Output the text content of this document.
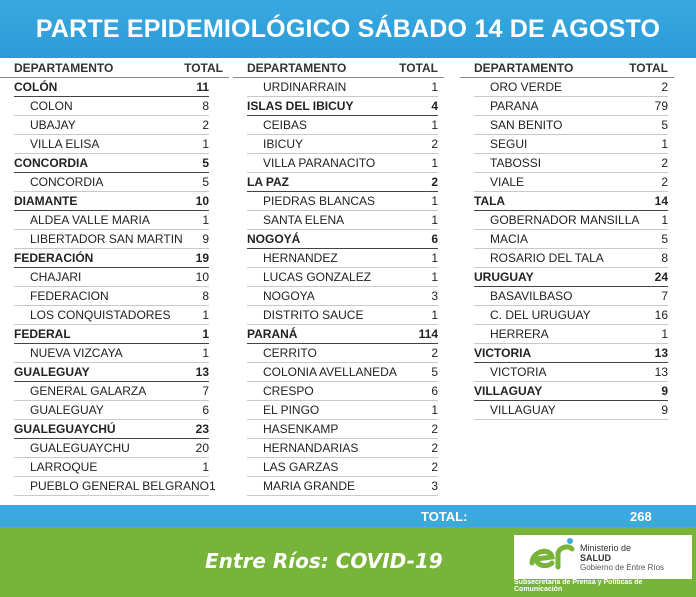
PARTE EPIDEMIOLÓGICO SÁBADO 14 DE AGOSTO
DEPARTAMENTO	TOTAL
COLÓN	11
COLON	8
UBAJAY	2
VILLA ELISA	1
CONCORDIA	5
CONCORDIA	5
DIAMANTE	10
ALDEA VALLE MARIA	1
LIBERTADOR SAN MARTIN	9
FEDERACIÓN	19
CHAJARI	10
FEDERACION	8
LOS CONQUISTADORES	1
FEDERAL	1
NUEVA VIZCAYA	1
GUALEGUAY	13
GENERAL GALARZA	7
GUALEGUAY	6
GUALEGUAYCHÚ	23
GUALEGUAYCHU	20
LARROQUE	1
PUEBLO GENERAL BELGRANO 1
DEPARTAMENTO	TOTAL
URDINARRAIN	1
ISLAS DEL IBICUY	4
CEIBAS	1
IBICUY	2
VILLA PARANACITO	1
LA PAZ	2
PIEDRAS BLANCAS	1
SANTA ELENA	1
NOGOYÁ	6
HERNANDEZ	1
LUCAS GONZALEZ	1
NOGOYA	3
DISTRITO SAUCE	1
PARANÁ	114
CERRITO	2
COLONIA AVELLANEDA	5
CRESPO	6
EL PINGO	1
HASENKAMP	2
HERNANDARIAS	2
LAS GARZAS	2
MARIA GRANDE	3
DEPARTAMENTO	TOTAL
ORO VERDE	2
PARANA	79
SAN BENITO	5
SEGUI	1
TABOSSI	2
VIALE	2
TALA	14
GOBERNADOR MANSILLA	1
MACIA	5
ROSARIO DEL TALA	8
URUGUAY	24
BASAVILBASO	7
C. DEL URUGUAY	16
HERRERA	1
VICTORIA	13
VICTORIA	13
VILLAGUAY	9
VILLAGUAY	9
TOTAL:	268
Entre Ríos: COVID-19
Ministerio de
SALUD
Gobierno de Entre Ríos
Subsecretaría de Prensa y Políticas de Comunicación
